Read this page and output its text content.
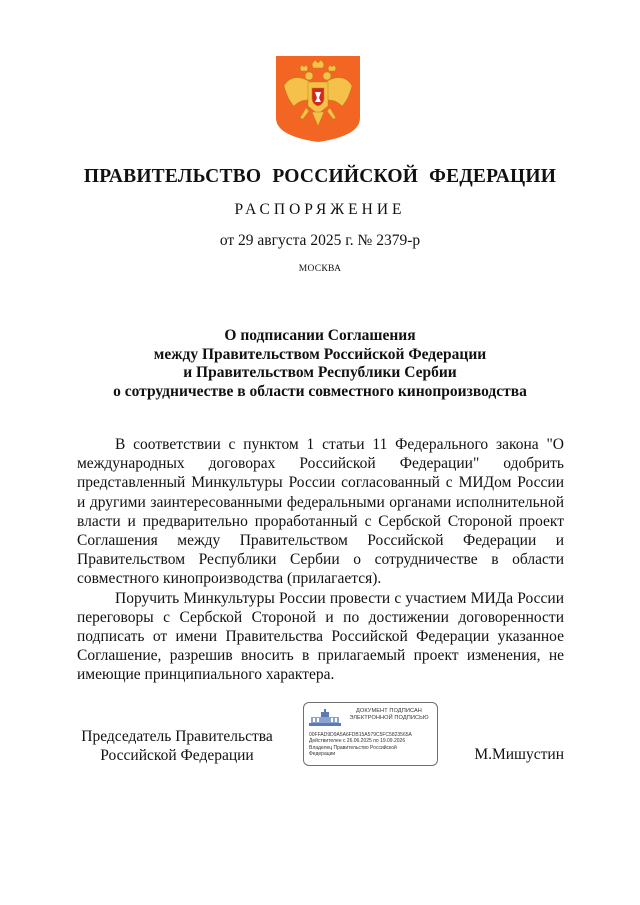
ПРАВИТЕЛЬСТВО РОССИЙСКОЙ ФЕДЕРАЦИИ
РАСПОРЯЖЕНИЕ
от 29 августа 2025 г. № 2379-р
МОСКВА
О подписании Соглашения
между Правительством Российской Федерации
и Правительством Республики Сербии
о сотрудничестве в области совместного кинопроизводства

В соответствии с пунктом 1 статьи 11 Федерального закона "О международных договорах Российской Федерации" одобрить представленный Минкультуры России согласованный с МИДом России и другими заинтересованными федеральными органами исполнительной власти и предварительно проработанный с Сербской Стороной проект Соглашения между Правительством Российской Федерации и Правительством Республики Сербии о сотрудничестве в области совместного кинопроизводства (прилагается).

Поручить Минкультуры России провести с участием МИДа России переговоры с Сербской Стороной и по достижении договоренности подписать от имени Правительства Российской Федерации указанное Соглашение, разрешив вносить в прилагаемый проект изменения, не имеющие принципиального характера.

Председатель Правительства
Российской Федерации
ДОКУМЕНТ ПОДПИСАН
ЭЛЕКТРОННОЙ ПОДПИСЬЮ
00FFAD9D9A5A6FDB15A579C5FC5823565A
Действителен с 26.06.2025 по 19.09.2026
Владелец Правительство Российской
Федерации	М.Мишустин
